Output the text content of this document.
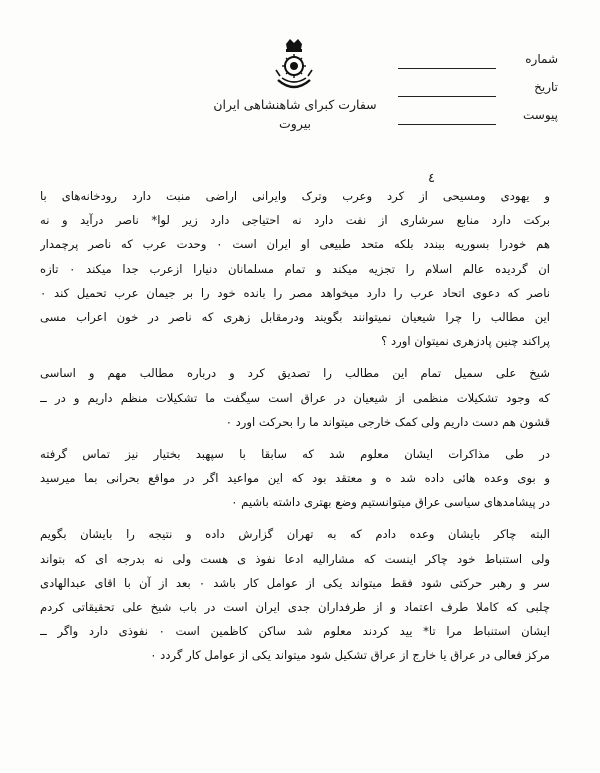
سفارت کبرای شاهنشاهی ایران
بیروت
شماره
تاریخ
پیوست
٤
و یهودی ومسیحی از کرد وعرب وترک وایرانی اراضی منبت دارد رودخانه‌های با
برکت دارد منابع سرشاری از نفت دارد نه احتیاجی دارد زیر لوا* ناصر درآید و نه
هم خودرا بسوریه ببندد بلکه متحد طبیعی او ایران است ۰ وحدت عرب که ناصر پرچمدار
ان گردیده عالم اسلام را تجزیه میکند و تمام مسلمانان دنیارا ازعرب جدا میکند ۰ تازه
ناصر که دعوی اتحاد عرب را دارد میخواهد مصر را بانده خود را بر جیمان عرب تحمیل کند ۰
این مطالب را چرا شیعیان نمیتوانند بگویند ودرمقابل زهری که ناصر در خون اعراب مسی‌
پراکند چنین پادزهری نمیتوان اورد ؟
شیخ علی سمیل تمام این مطالب را تصدیق کرد و درباره مطالب مهم و اساسی
که وجود تشکیلات منظمی از شیعیان در عراق است سیگفت ما تشکیلات منظم داریم و در ــ
قشون هم دست داریم ولی کمک خارجی میتواند ما را بحرکت اورد ۰
در طی مذاکرات ایشان معلوم شد که سابقا با سپهبد بختیار نیز تماس گرفته
و بوی وعده هائی داده شد ه و معتقد بود که این مواعید اگر در مواقع بحرانی بما میرسید
در پیشامدهای سیاسی عراق میتوانستیم وضع بهتری داشته باشیم ۰
البته چاکر بایشان وعده دادم که به تهران گزارش داده و نتیجه را بایشان بگویم
ولی استنباط خود چاکر اینست که مشارالیه ادعا نفوذ ی هست ولی نه بدرجه ای که بتواند
سر و رهبر حرکتی شود فقط میتواند یکی از عوامل کار باشد ۰ بعد از آن با اقای عبدالهادی
چلبی که کاملا طرف اعتماد و از طرفداران جدی ایران است در باب شیخ علی تحقیقاتی کردم
ایشان استنباط مرا تا* یید کردند معلوم شد ساکن کاظمین است ۰ نفوذی دارد واگر ــ
مرکز فعالی در عراق یا خارج از عراق تشکیل شود میتواند یکی از عوامل کار گردد ۰
